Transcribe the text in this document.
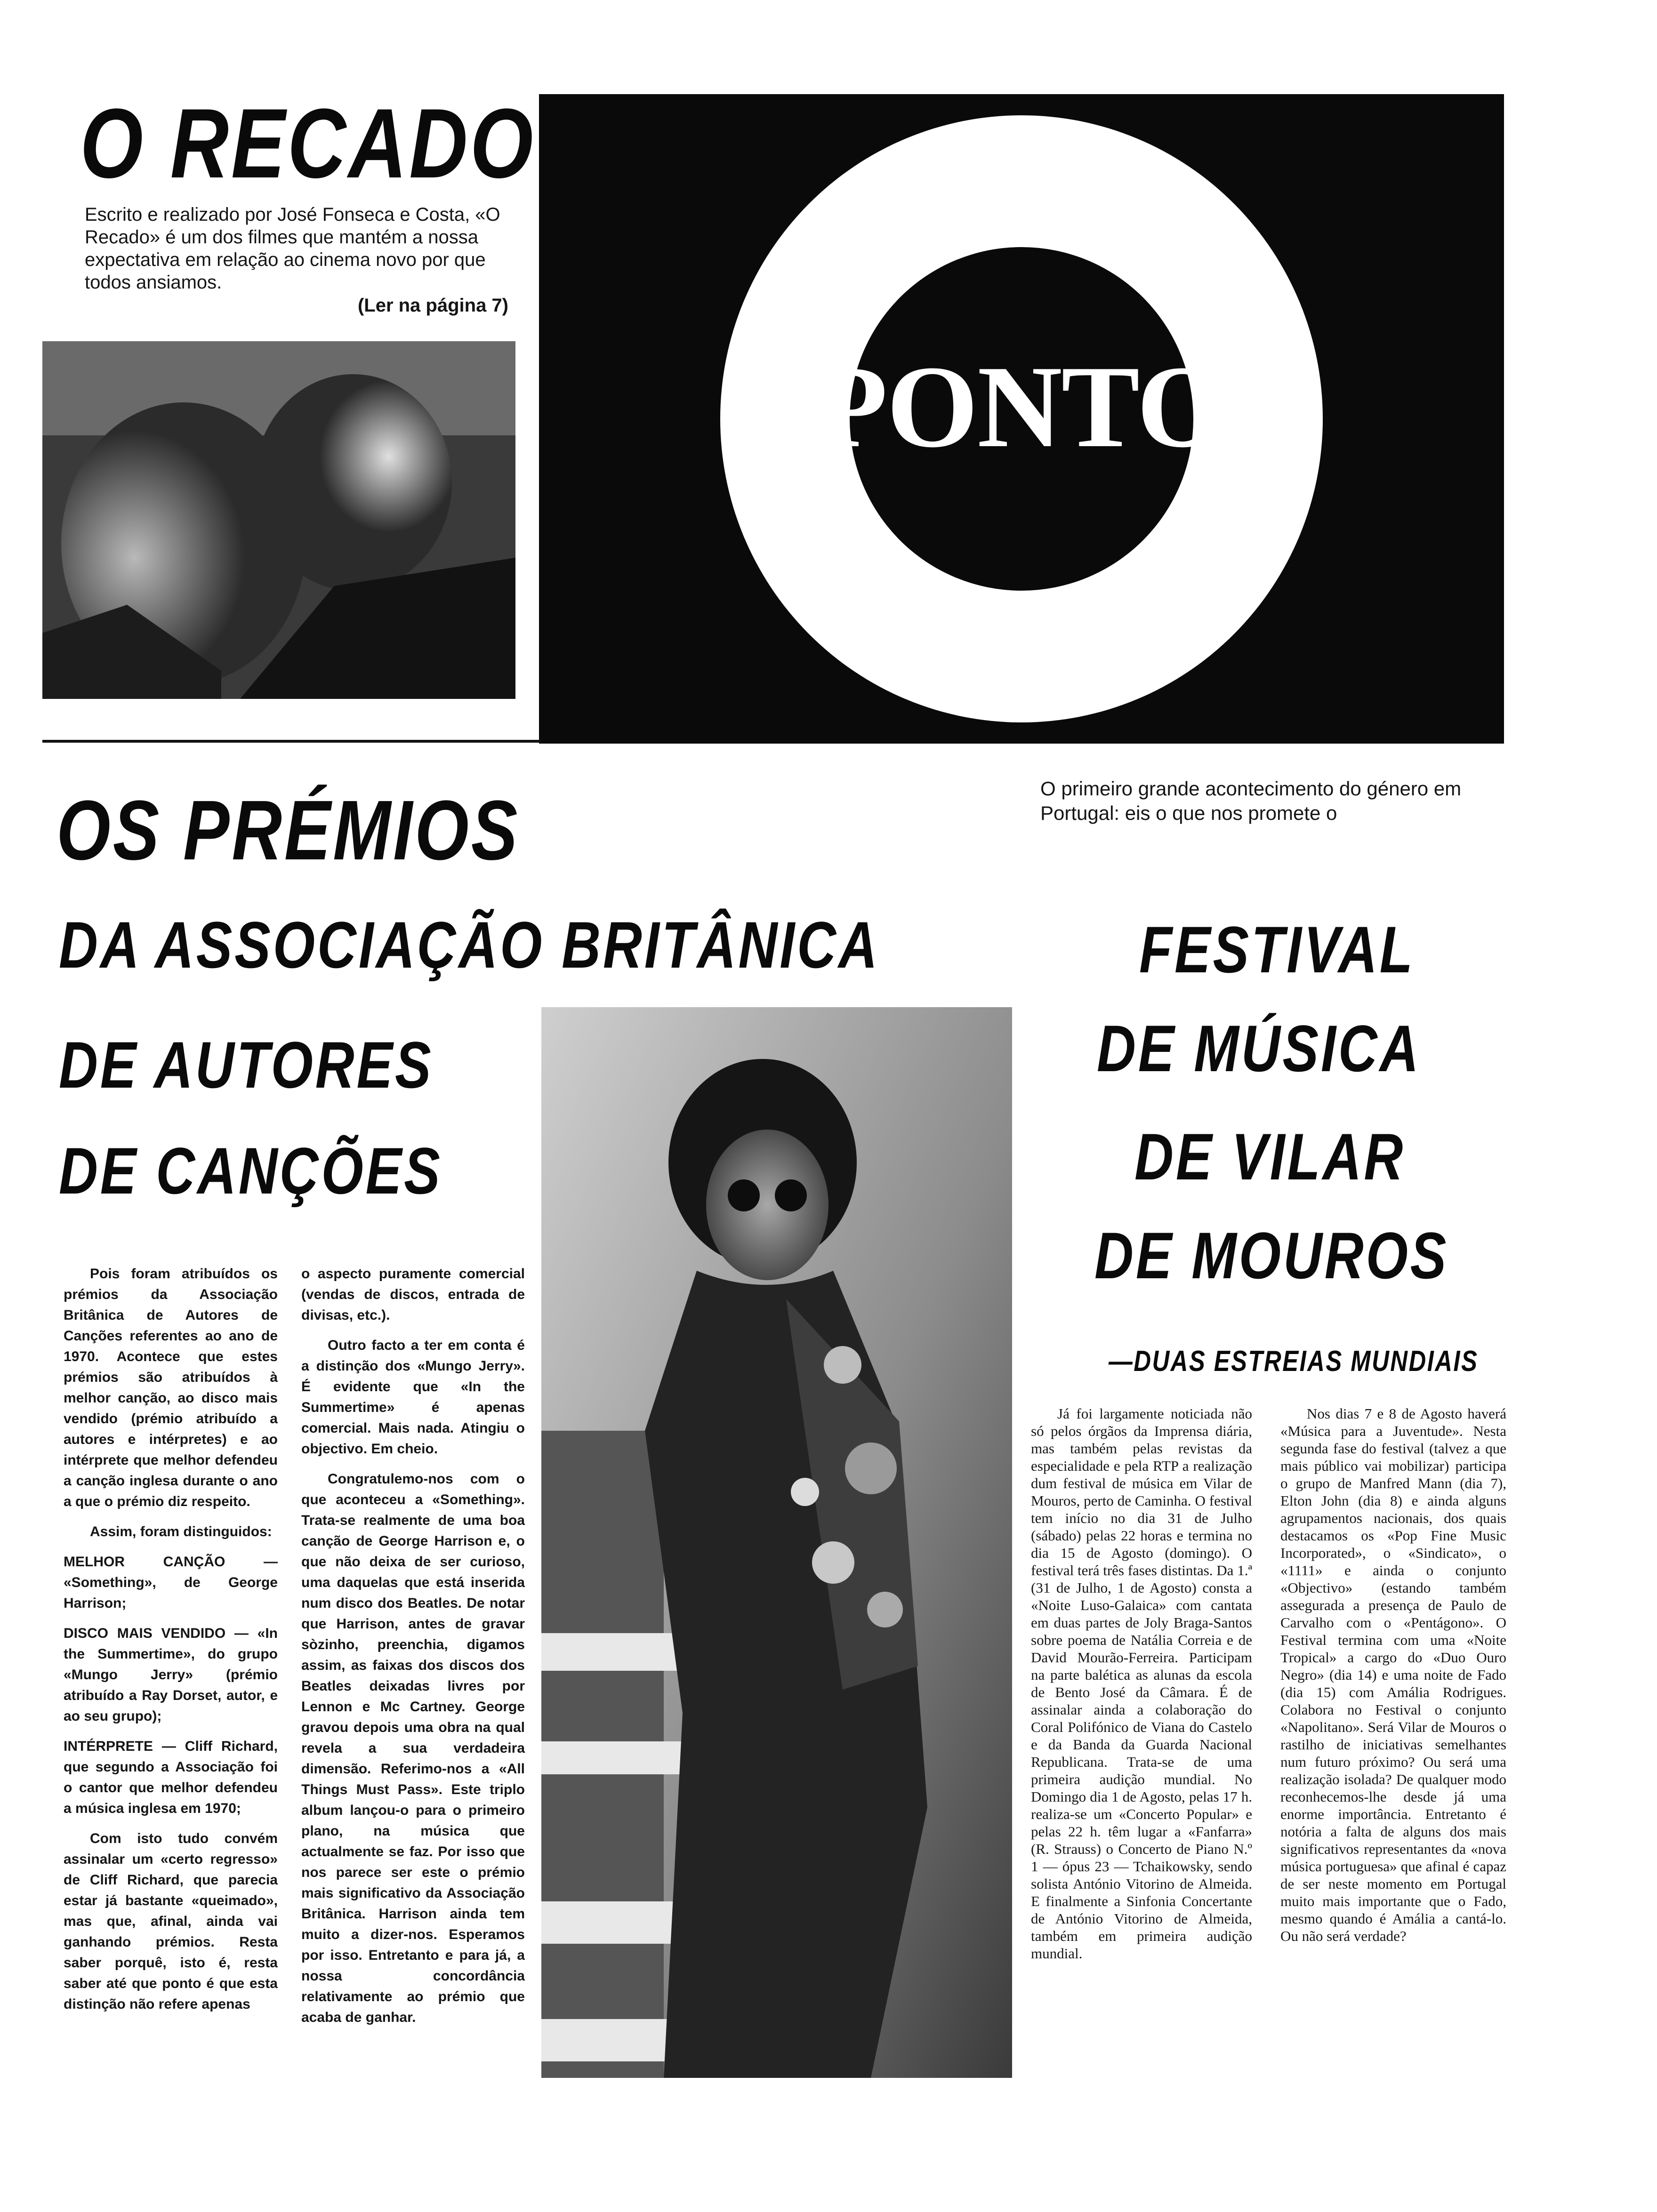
O RECADO
Escrito e realizado por José Fonseca e Costa, «O Recado» é um dos filmes que mantém a nossa expectativa em relação ao cinema novo por que todos ansiamos.
(Ler na página 7)
PONTO
OS PRÉMIOS
DA ASSOCIAÇÃO BRITÂNICA
DE AUTORES
DE CANÇÕES

Pois foram atribuídos os prémios da Associação Britânica de Autores de Canções referentes ao ano de 1970. Acontece que estes prémios são atribuídos à melhor canção, ao disco mais vendido (prémio atribuído a autores e intérpretes) e ao intérprete que melhor defendeu a canção inglesa durante o ano a que o prémio diz respeito.

Assim, foram distinguidos:

MELHOR CANÇÃO — «Something», de George Harrison;

DISCO MAIS VENDIDO — «In the Summertime», do grupo «Mungo Jerry» (prémio atribuído a Ray Dorset, autor, e ao seu grupo);

INTÉRPRETE — Cliff Richard, que segundo a Associação foi o cantor que melhor defendeu a música inglesa em 1970;

Com isto tudo convém assinalar um «certo regresso» de Cliff Richard, que parecia estar já bastante «queimado», mas que, afinal, ainda vai ganhando prémios. Resta saber porquê, isto é, resta saber até que ponto é que esta distinção não refere apenas

o aspecto puramente comercial (vendas de discos, entrada de divisas, etc.).

Outro facto a ter em conta é a distinção dos «Mungo Jerry». É evidente que «In the Summertime» é apenas comercial. Mais nada. Atingiu o objectivo. Em cheio.

Congratulemo-nos com o que aconteceu a «Something». Trata-se realmente de uma boa canção de George Harrison e, o que não deixa de ser curioso, uma daquelas que está inserida num disco dos Beatles. De notar que Harrison, antes de gravar sòzinho, preenchia, digamos assim, as faixas dos discos dos Beatles deixadas livres por Lennon e Mc Cartney. George gravou depois uma obra na qual revela a sua verdadeira dimensão. Referimo-nos a «All Things Must Pass». Este triplo album lançou-o para o primeiro plano, na música que actualmente se faz. Por isso que nos parece ser este o prémio mais significativo da Associação Britânica. Harrison ainda tem muito a dizer-nos. Esperamos por isso. Entretanto e para já, a nossa concordância relativamente ao prémio que acaba de ganhar.

O primeiro grande acontecimento do género em Portugal: eis o que nos promete o
FESTIVAL
DE MÚSICA
DE VILAR
DE MOUROS
—DUAS ESTREIAS MUNDIAIS

Já foi largamente noticiada não só pelos órgãos da Imprensa diária, mas também pelas revistas da especialidade e pela RTP a realização dum festival de música em Vilar de Mouros, perto de Caminha. O festival tem início no dia 31 de Julho (sábado) pelas 22 horas e termina no dia 15 de Agosto (domingo). O festival terá três fases distintas. Da 1.ª (31 de Julho, 1 de Agosto) consta a «Noite Luso-Galaica» com cantata em duas partes de Joly Braga-Santos sobre poema de Natália Correia e de David Mourão-Ferreira. Participam na parte balética as alunas da escola de Bento José da Câmara. É de assinalar ainda a colaboração do Coral Polifónico de Viana do Castelo e da Banda da Guarda Nacional Republicana. Trata-se de uma primeira audição mundial. No Domingo dia 1 de Agosto, pelas 17 h. realiza-se um «Concerto Popular» e pelas 22 h. têm lugar a «Fanfarra» (R. Strauss) o Concerto de Piano N.º 1 — ópus 23 — Tchaikowsky, sendo solista António Vitorino de Almeida. E finalmente a Sinfonia Concertante de António Vitorino de Almeida, também em primeira audição mundial.

Nos dias 7 e 8 de Agosto haverá «Música para a Juventude». Nesta segunda fase do festival (talvez a que mais público vai mobilizar) participa o grupo de Manfred Mann (dia 7), Elton John (dia 8) e ainda alguns agrupamentos nacionais, dos quais destacamos os «Pop Fine Music Incorporated», o «Sindicato», o «1111» e ainda o conjunto «Objectivo» (estando também assegurada a presença de Paulo de Carvalho com o «Pentágono». O Festival termina com uma «Noite Tropical» a cargo do «Duo Ouro Negro» (dia 14) e uma noite de Fado (dia 15) com Amália Rodrigues. Colabora no Festival o conjunto «Napolitano». Será Vilar de Mouros o rastilho de iniciativas semelhantes num futuro próximo? Ou será uma realização isolada? De qualquer modo reconhecemos-lhe desde já uma enorme importância. Entretanto é notória a falta de alguns dos mais significativos representantes da «nova música portuguesa» que afinal é capaz de ser neste momento em Portugal muito mais importante que o Fado, mesmo quando é Amália a cantá-lo. Ou não será verdade?
